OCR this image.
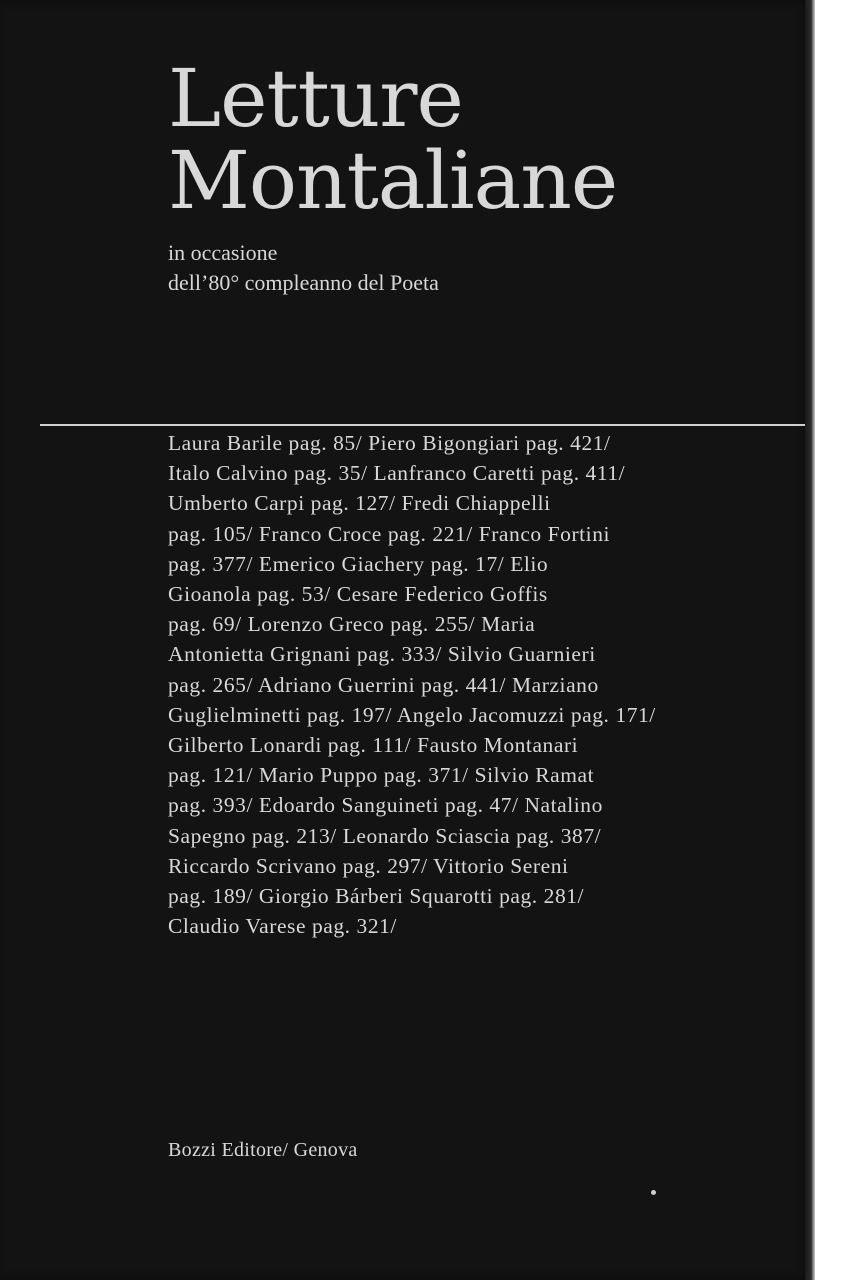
Letture
Montaliane
in occasione
dell’80° compleanno del Poeta
Laura Barile pag. 85/ Piero Bigongiari pag. 421/
Italo Calvino pag. 35/ Lanfranco Caretti pag. 411/
Umberto Carpi pag. 127/ Fredi Chiappelli
pag. 105/ Franco Croce pag. 221/ Franco Fortini
pag. 377/ Emerico Giachery pag. 17/ Elio
Gioanola pag. 53/ Cesare Federico Goffis
pag. 69/ Lorenzo Greco pag. 255/ Maria
Antonietta Grignani pag. 333/ Silvio Guarnieri
pag. 265/ Adriano Guerrini pag. 441/ Marziano
Guglielminetti pag. 197/ Angelo Jacomuzzi pag. 171/
Gilberto Lonardi pag. 111/ Fausto Montanari
pag. 121/ Mario Puppo pag. 371/ Silvio Ramat
pag. 393/ Edoardo Sanguineti pag. 47/ Natalino
Sapegno pag. 213/ Leonardo Sciascia pag. 387/
Riccardo Scrivano pag. 297/ Vittorio Sereni
pag. 189/ Giorgio Bárberi Squarotti pag. 281/
Claudio Varese pag. 321/
Bozzi Editore/ Genova
